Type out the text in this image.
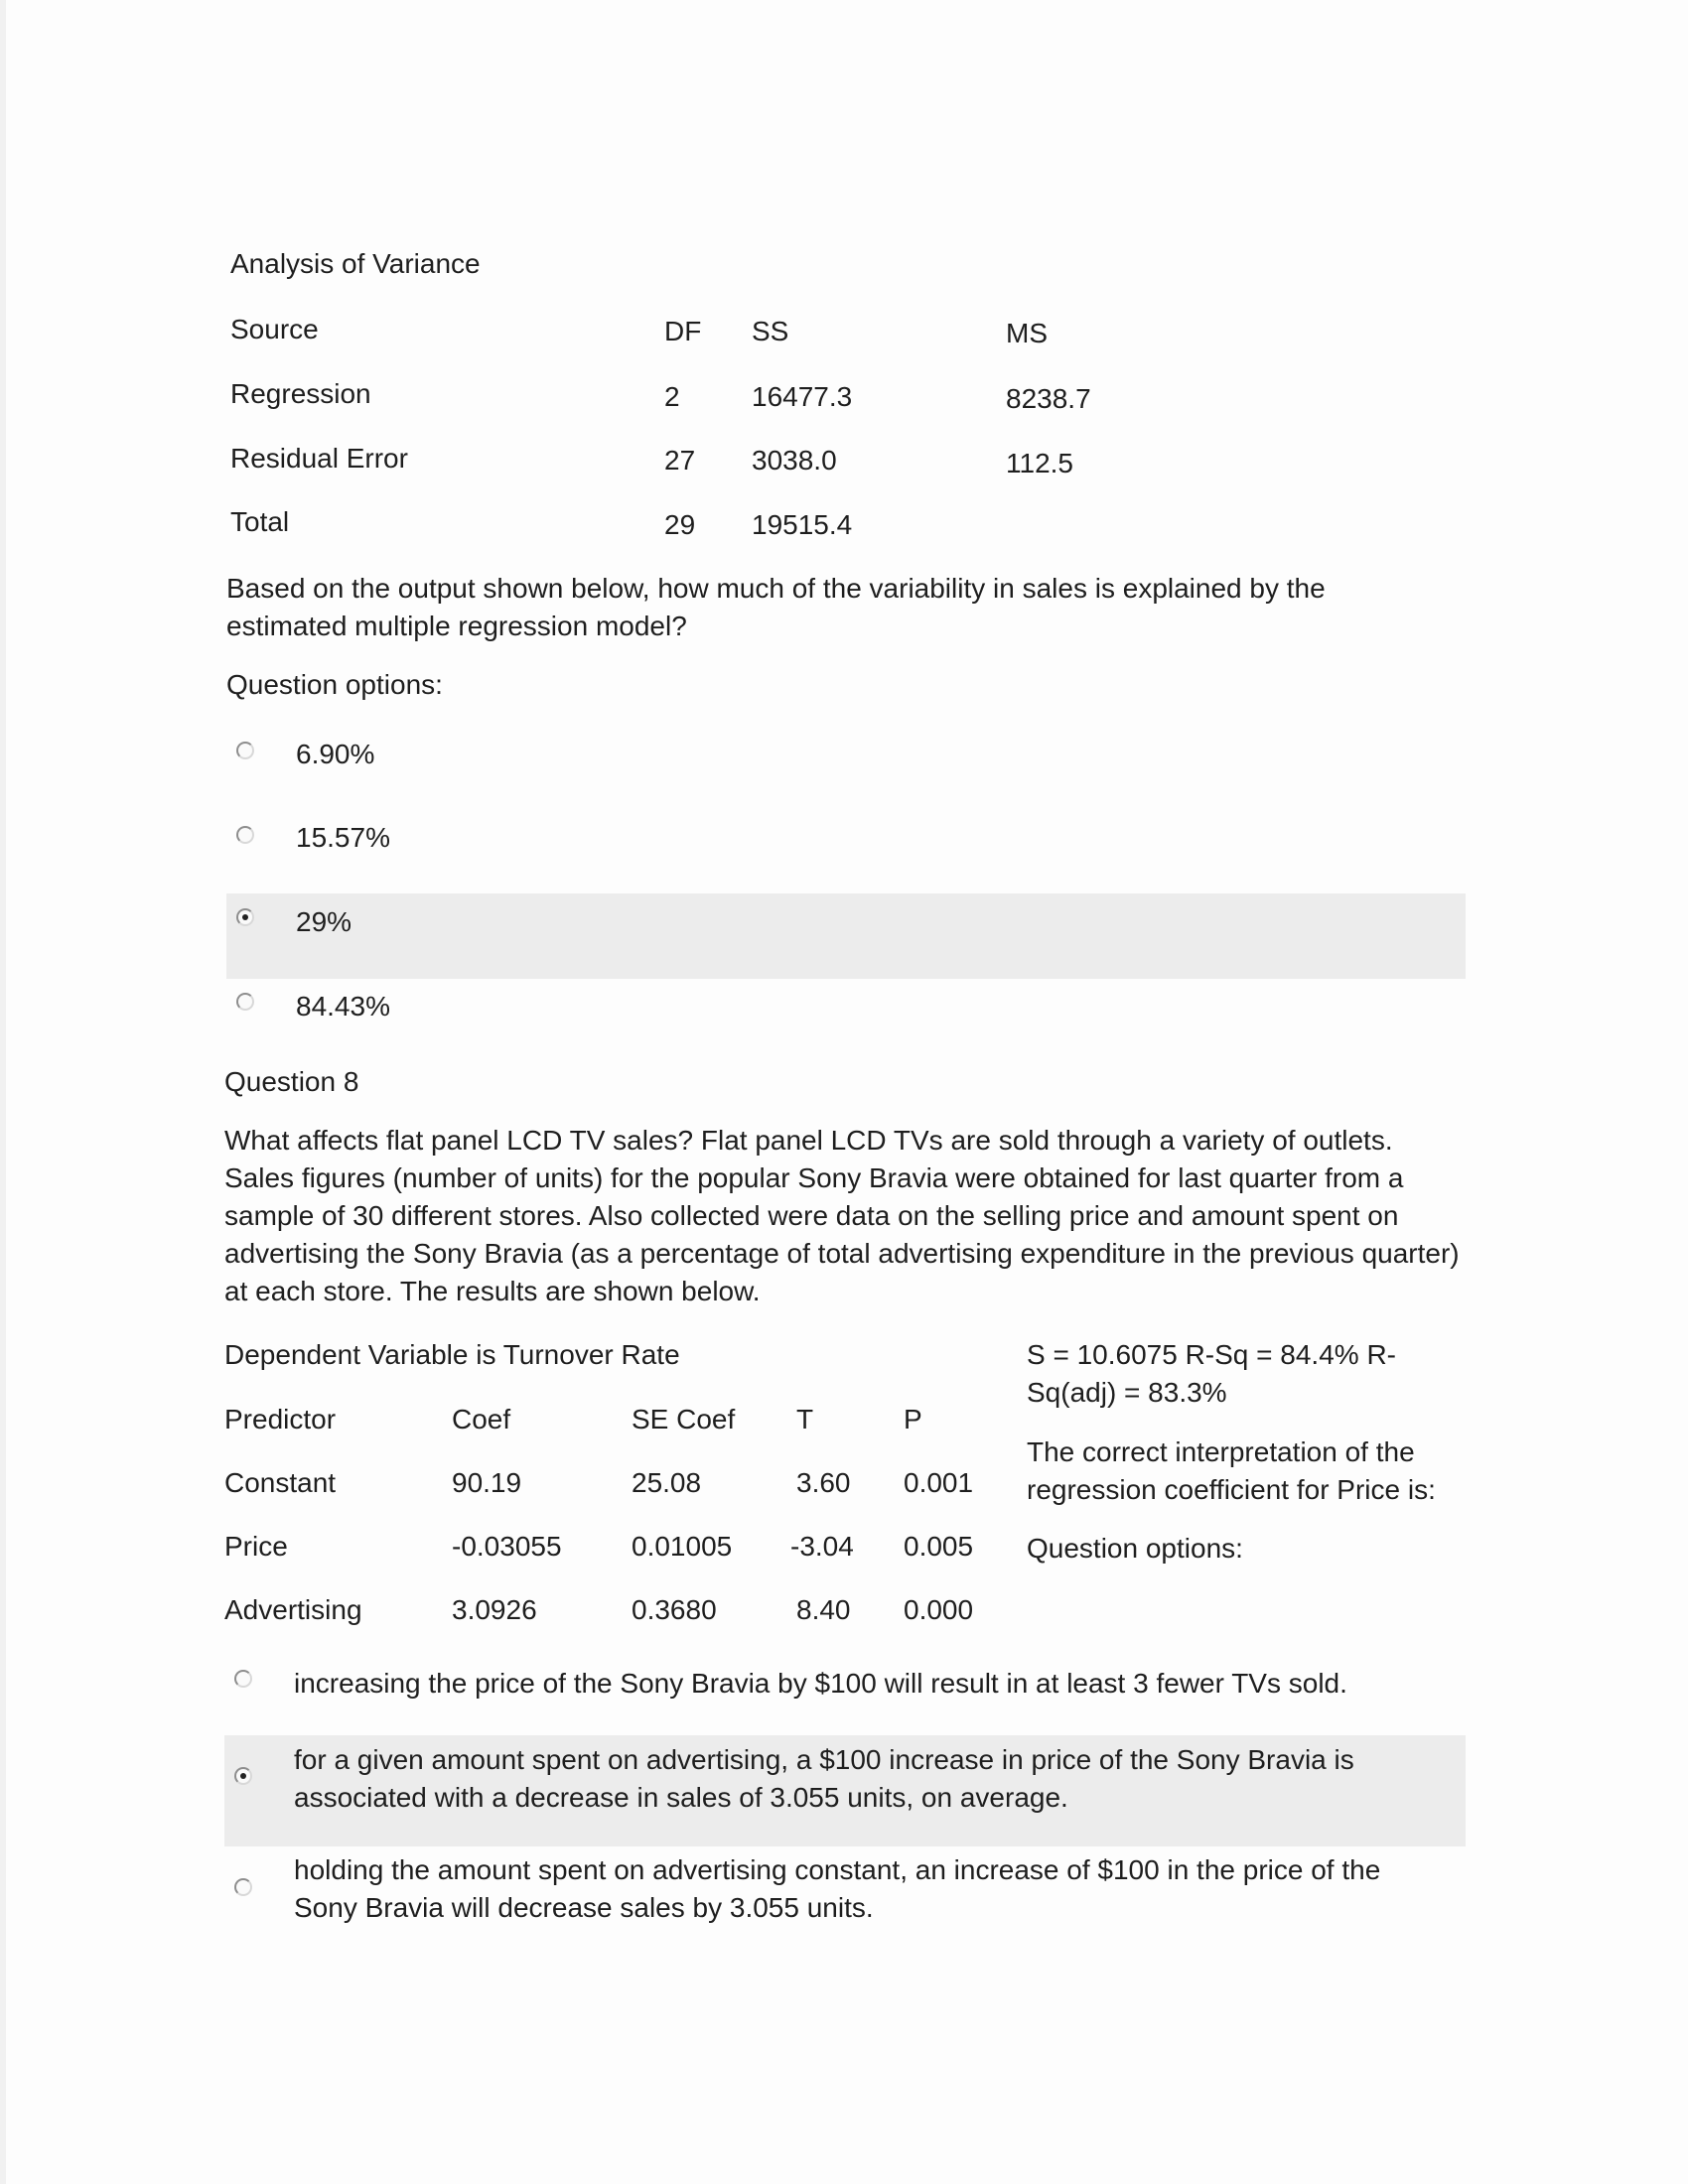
Analysis of Variance
Source	DF SS	MS
Regression	2	16477.3	8238.7
Residual Error	27 3038.0	112.5
Total	29 19515.4
Based on the output shown below, how much of the variability in sales is explained by the estimated multiple regression model?
Question options:
6.90%
15.57%
29%
84.43%
Question 8
What affects flat panel LCD TV sales? Flat panel LCD TVs are sold through a variety of outlets. Sales figures (number of units) for the popular Sony Bravia were obtained for last quarter from a sample of 30 different stores. Also collected were data on the selling price and amount spent on advertising the Sony Bravia (as a percentage of total advertising expenditure in the previous quarter) at each store. The results are shown below.
Dependent Variable is Turnover Rate
Predictor	Coef	SE Coef T	P
Constant	90.19	25.08	3.60 0.001
Price	-0.03055	0.01005 -3.04 0.005
Advertising	3.0926	0.3680	8.40 0.000
S = 10.6075 R-Sq = 84.4% R-Sq(adj) = 83.3%
The correct interpretation of the regression coefficient for Price is:
Question options:
increasing the price of the Sony Bravia by $100 will result in at least 3 fewer TVs sold.
for a given amount spent on advertising, a $100 increase in price of the Sony Bravia is associated with a decrease in sales of 3.055 units, on average.
holding the amount spent on advertising constant, an increase of $100 in the price of the Sony Bravia will decrease sales by 3.055 units.
